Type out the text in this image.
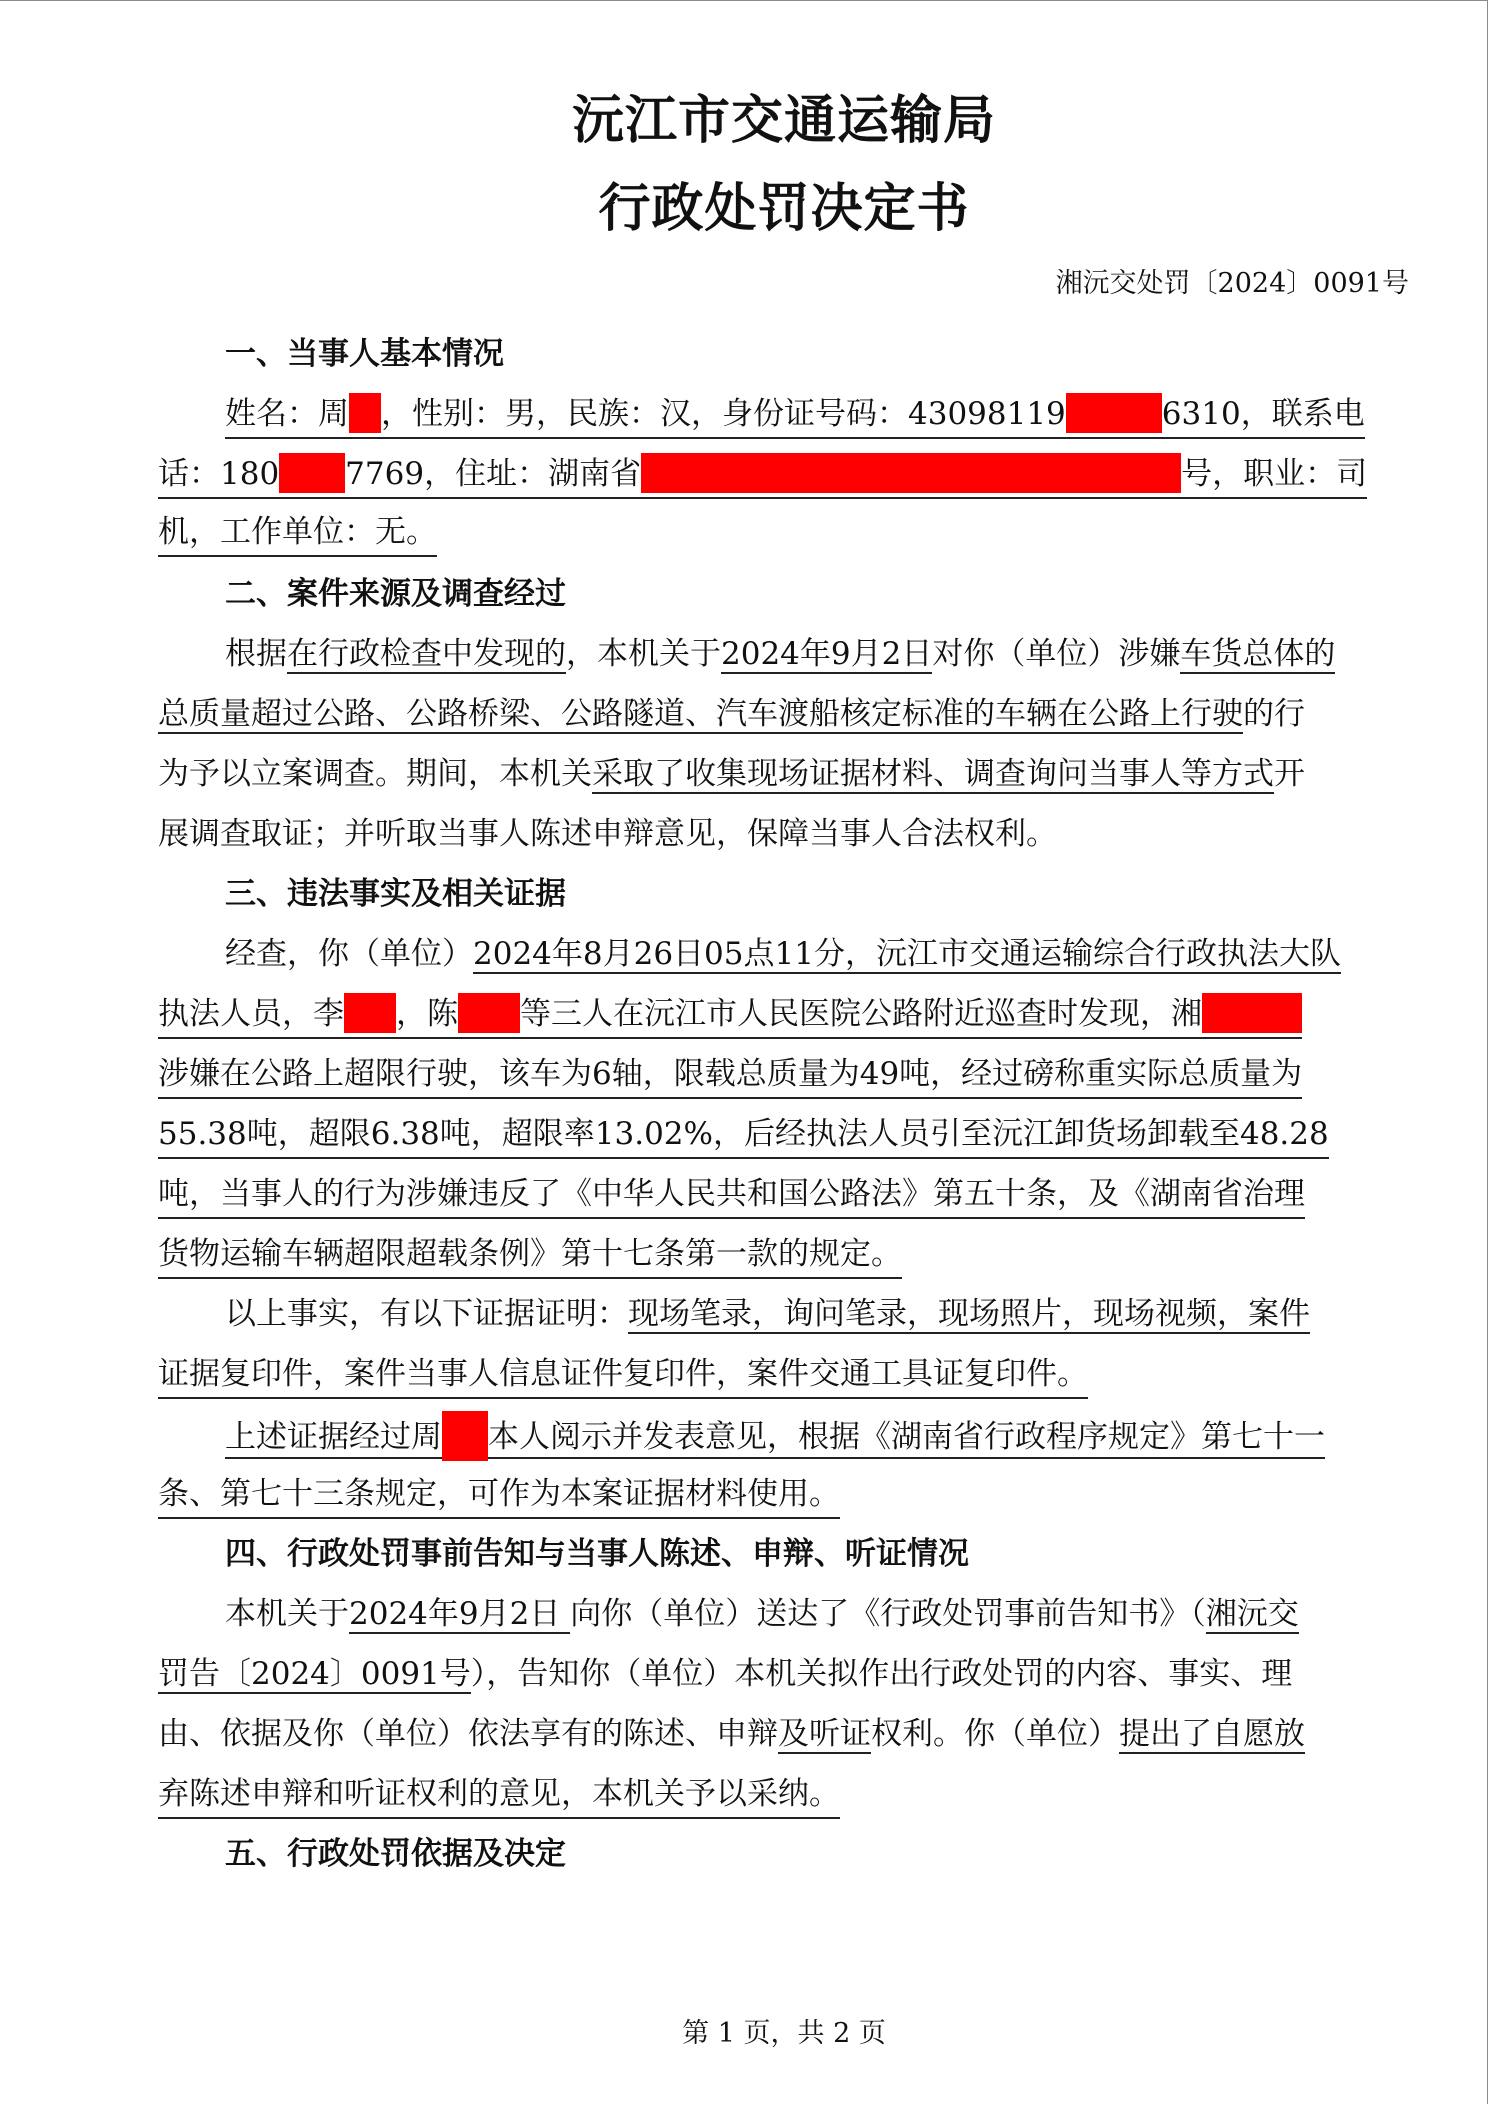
沅江市交通运输局
行政处罚决定书
湘沅交处罚〔2024〕0091号
一、当事人基本情况
姓名：周 ，性别：男，民族：汉，身份证号码：43098119	6310，联系电
话：180 7769，住址：湖南省	号，职业：司
机，工作单位：无。
二、案件来源及调查经过
根据在行政检查中发现的，本机关于2024年9月2日对你（单位）涉嫌车货总体的
总质量超过公路、公路桥梁、公路隧道、汽车渡船核定标准的车辆在公路上行驶的行
为予以立案调查。期间，本机关采取了收集现场证据材料、调查询问当事人等方式开
展调查取证；并听取当事人陈述申辩意见，保障当事人合法权利。
三、违法事实及相关证据
经查，你（单位）2024年8月26日05点11分，沅江市交通运输综合行政执法大队
执法人员，李 ，陈 等三人在沅江市人民医院公路附近巡查时发现，湘
涉嫌在公路上超限行驶，该车为6轴，限载总质量为49吨，经过磅称重实际总质量为
55.38吨，超限6.38吨，超限率13.02%，后经执法人员引至沅江卸货场卸载至48.28
吨，当事人的行为涉嫌违反了《中华人民共和国公路法》第五十条，及《湖南省治理
货物运输车辆超限超载条例》第十七条第一款的规定。
以上事实，有以下证据证明：现场笔录，询问笔录，现场照片，现场视频，案件
证据复印件，案件当事人信息证件复印件，案件交通工具证复印件。
上述证据经过周 本人阅示并发表意见，根据《湖南省行政程序规定》第七十一
条、第七十三条规定，可作为本案证据材料使用。
四、行政处罚事前告知与当事人陈述、申辩、听证情况
本机关于2024年9月2日 向你（单位）送达了《行政处罚事前告知书》（湘沅交
罚告〔2024〕0091号），告知你（单位）本机关拟作出行政处罚的内容、事实、理
由、依据及你（单位）依法享有的陈述、申辩及听证权利。你（单位）提出了自愿放
弃陈述申辩和听证权利的意见，本机关予以采纳。
五、行政处罚依据及决定
第 1 页，共 2 页
